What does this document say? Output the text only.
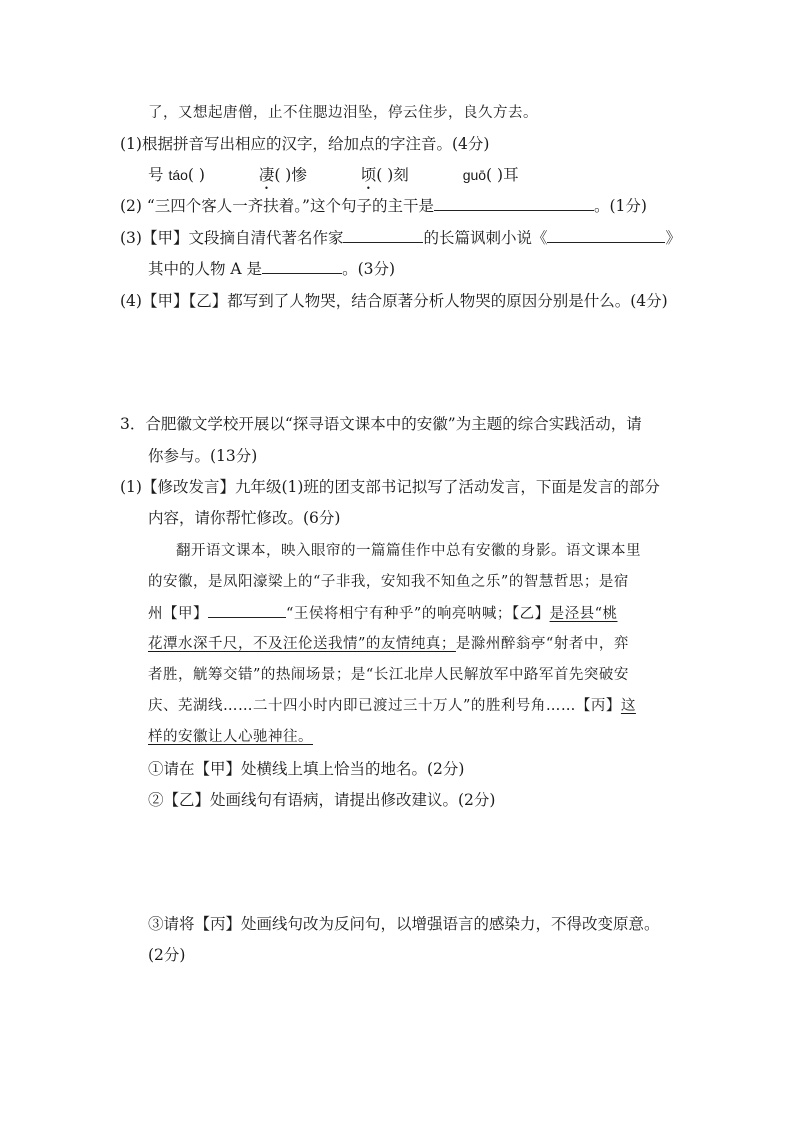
了，又想起唐僧，止不住腮边泪坠，停云住步，良久方去。
(1)根据拼音写出相应的汉字，给加点的字注音。(4分)
号 táo( )	凄( )惨	顷( )刻	guō( )耳
(2) “三四个客人一齐扶着。”这个句子的主干是	。(1分)
(3)【甲】文段摘自清代著名作家	的长篇讽刺小说《	》
其中的人物 A 是	。(3分)
(4)【甲】【乙】都写到了人物哭，结合原著分析人物哭的原因分别是什么。(4分)
3．合肥徽文学校开展以“探寻语文课本中的安徽”为主题的综合实践活动，请
你参与。(13分)
(1)【修改发言】九年级(1)班的团支部书记拟写了活动发言，下面是发言的部分
内容，请你帮忙修改。(6分)
翻开语文课本，映入眼帘的一篇篇佳作中总有安徽的身影。语文课本里
的安徽，是凤阳濠梁上的“子非我，安知我不知鱼之乐”的智慧哲思；是宿
州【甲】	“王侯将相宁有种乎”的响亮呐喊；【乙】是泾县“桃
花潭水深千尺，不及汪伦送我情”的友情纯真；是滁州醉翁亭“射者中，弈
者胜，觥筹交错”的热闹场景；是“长江北岸人民解放军中路军首先突破安
庆、芜湖线……二十四小时内即已渡过三十万人”的胜利号角……【丙】这
样的安徽让人心驰神往。
①请在【甲】处横线上填上恰当的地名。(2分)
②【乙】处画线句有语病，请提出修改建议。(2分)
③请将【丙】处画线句改为反问句，以增强语言的感染力，不得改变原意。
(2分)
